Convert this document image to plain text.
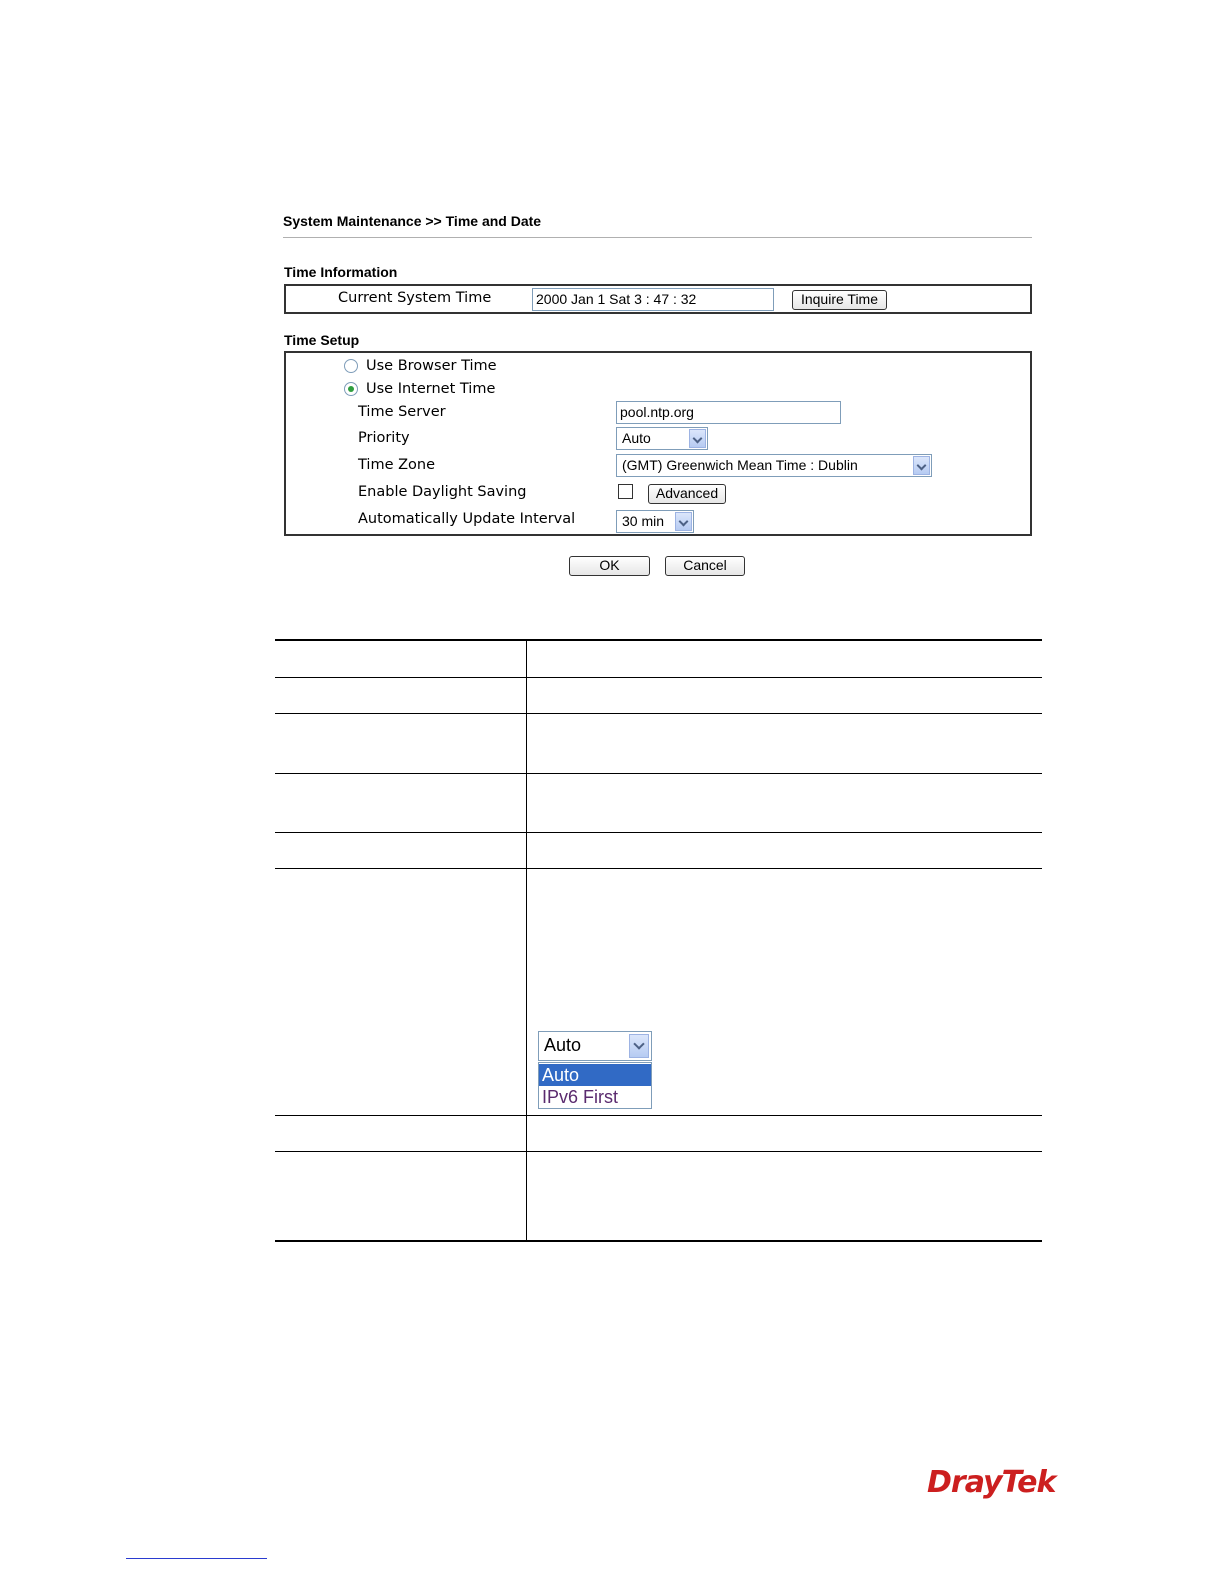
System Maintenance >> Time and Date
Time Information
Current System Time	2000 Jan 1 Sat 3 : 47 : 32	Inquire Time
Time Setup
Use Browser Time
Use Internet Time
Time Server	pool.ntp.org
Priority	Auto
Time Zone	(GMT) Greenwich Mean Time : Dublin
Enable Daylight Saving	Advanced
Automatically Update Interval	30 min
OK	Cancel
Auto
Auto
IPv6 First
DrayTek
